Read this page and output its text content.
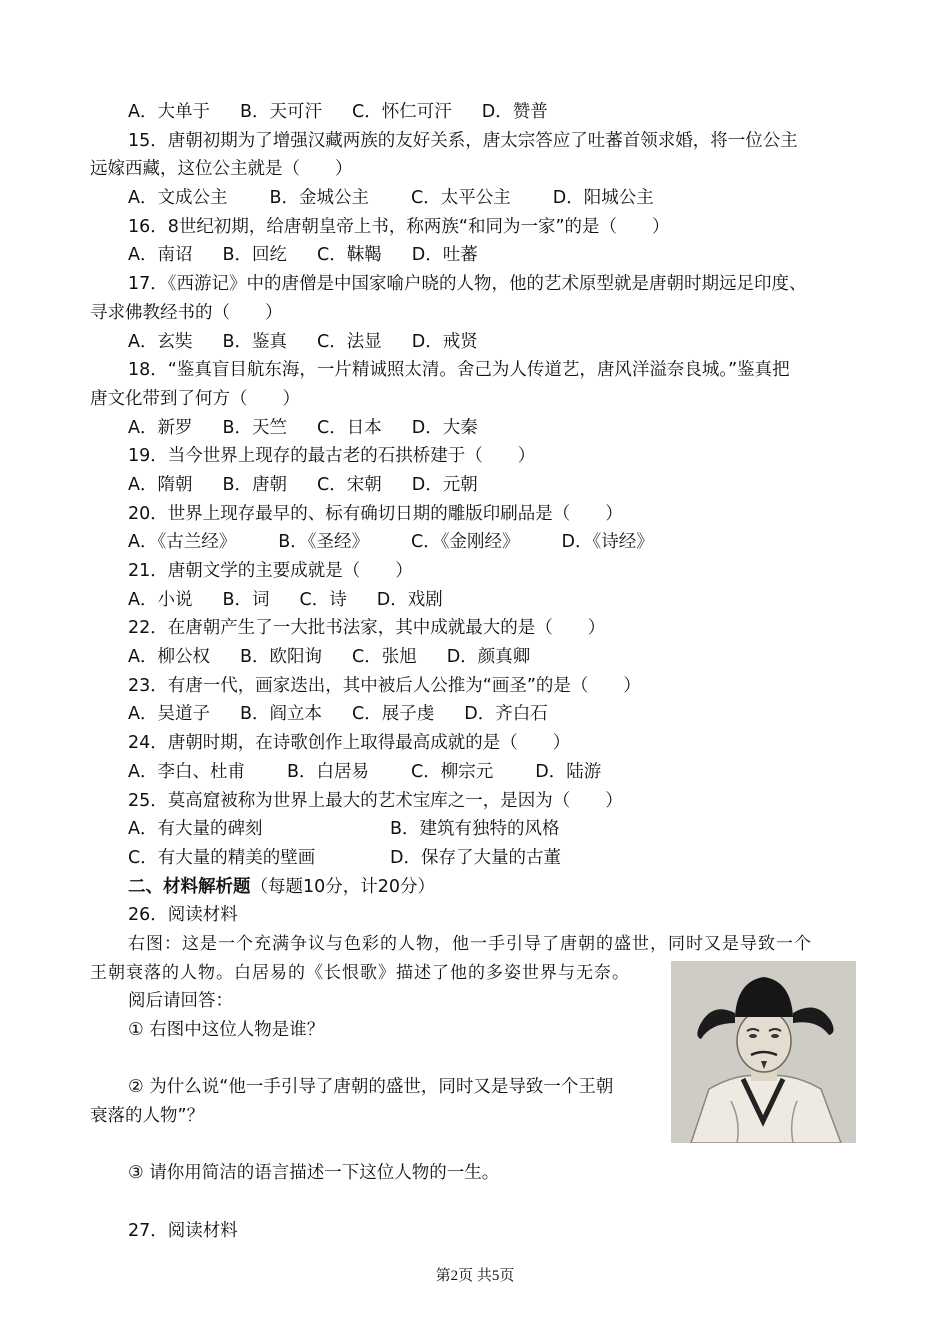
A．大单于 B．天可汗 C．怀仁可汗 D．赞普
15．唐朝初期为了增强汉藏两族的友好关系，唐太宗答应了吐蕃首领求婚，将一位公主
远嫁西藏，这位公主就是（　　）
A．文成公主 B．金城公主 C．太平公主 D．阳城公主
16．8世纪初期，给唐朝皇帝上书，称两族“和同为一家”的是（　　）
A．南诏 B．回纥 C．靺鞨 D．吐蕃
17．《西游记》中的唐僧是中国家喻户晓的人物，他的艺术原型就是唐朝时期远足印度、
寻求佛教经书的（　　）
A．玄奘 B．鉴真 C．法显 D．戒贤
18．“鉴真盲目航东海，一片精诚照太清。舍己为人传道艺，唐风洋溢奈良城。”鉴真把
唐文化带到了何方（　　）
A．新罗 B．天竺 C．日本 D．大秦
19．当今世界上现存的最古老的石拱桥建于（　　）
A．隋朝 B．唐朝 C．宋朝 D．元朝
20．世界上现存最早的、标有确切日期的雕版印刷品是（　　）
A．《古兰经》 B．《圣经》 C．《金刚经》 D．《诗经》
21．唐朝文学的主要成就是（　　）
A．小说 B．词 C．诗 D．戏剧
22．在唐朝产生了一大批书法家，其中成就最大的是（　　）
A．柳公权 B．欧阳询 C．张旭 D．颜真卿
23．有唐一代，画家迭出，其中被后人公推为“画圣”的是（　　）
A．吴道子 B．阎立本 C．展子虔 D．齐白石
24．唐朝时期，在诗歌创作上取得最高成就的是（　　）
A．李白、杜甫 B．白居易 C．柳宗元 D．陆游
25．莫高窟被称为世界上最大的艺术宝库之一，是因为（　　）
A．有大量的碑刻	B．建筑有独特的风格
C．有大量的精美的壁画	D．保存了大量的古董
二、材料解析题（每题10分，计20分）
26．阅读材料
右图：这是一个充满争议与色彩的人物，他一手引导了唐朝的盛世，同时又是导致一个
王朝衰落的人物。白居易的《长恨歌》描述了他的多姿世界与无奈。
阅后请回答：
① 右图中这位人物是谁？
② 为什么说“他一手引导了唐朝的盛世，同时又是导致一个王朝
衰落的人物”？
③ 请你用简洁的语言描述一下这位人物的一生。
27．阅读材料
第2页 共5页
